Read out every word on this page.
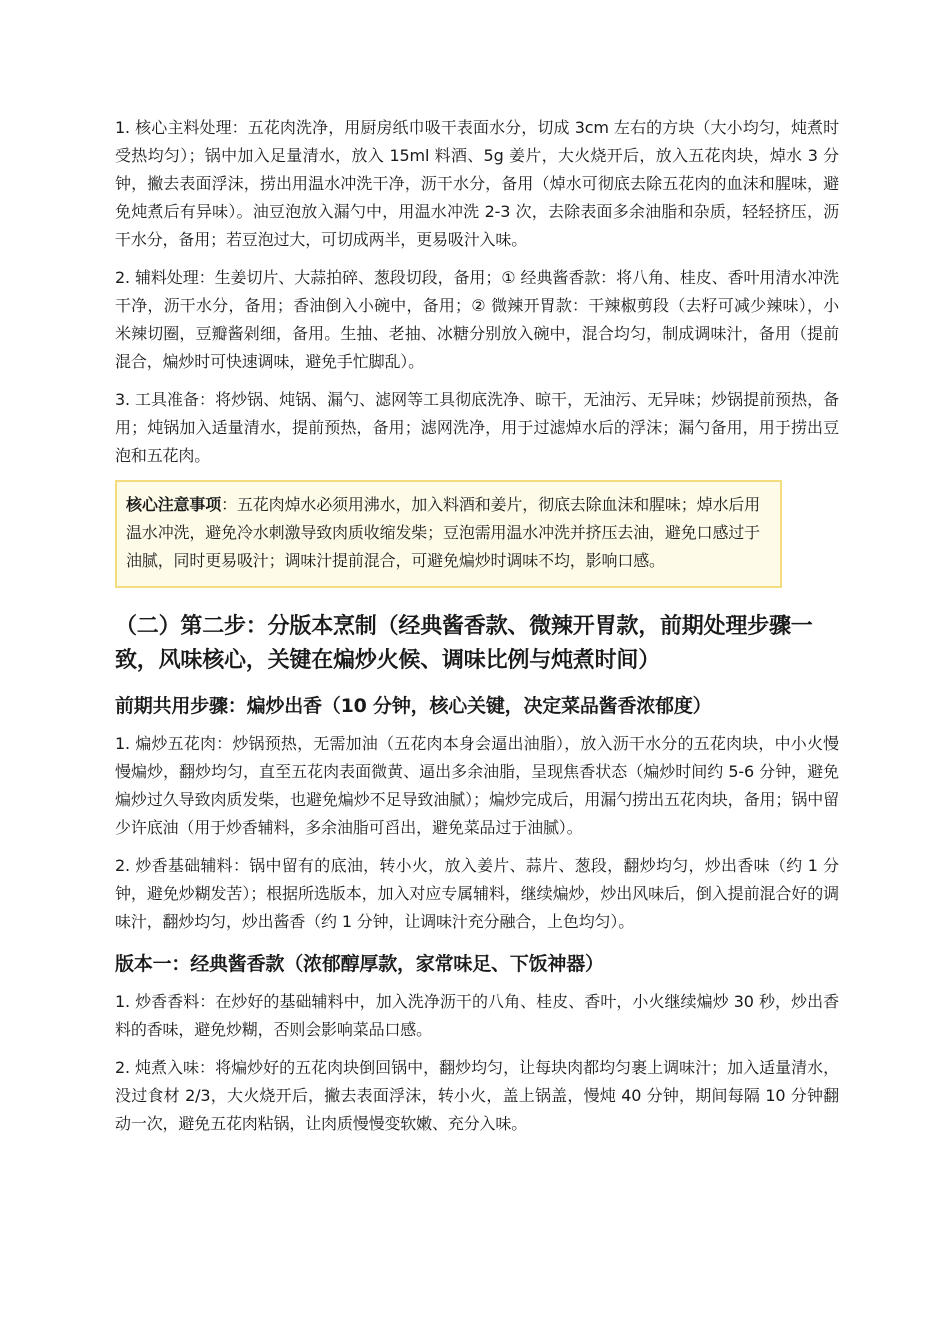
1. 核心主料处理：五花肉洗净，用厨房纸巾吸干表面水分，切成 3cm 左右的方块（大小均匀，炖煮时受热均匀）；锅中加入足量清水，放入 15ml 料酒、5g 姜片，大火烧开后，放入五花肉块，焯水 3 分钟，撇去表面浮沫，捞出用温水冲洗干净，沥干水分，备用（焯水可彻底去除五花肉的血沫和腥味，避免炖煮后有异味）。油豆泡放入漏勺中，用温水冲洗 2-3 次，去除表面多余油脂和杂质，轻轻挤压，沥干水分，备用；若豆泡过大，可切成两半，更易吸汁入味。

2. 辅料处理：生姜切片、大蒜拍碎、葱段切段，备用；① 经典酱香款：将八角、桂皮、香叶用清水冲洗干净，沥干水分，备用；香油倒入小碗中，备用；② 微辣开胃款：干辣椒剪段（去籽可减少辣味），小米辣切圈，豆瓣酱剁细，备用。生抽、老抽、冰糖分别放入碗中，混合均匀，制成调味汁，备用（提前混合，煸炒时可快速调味，避免手忙脚乱）。

3. 工具准备：将炒锅、炖锅、漏勺、滤网等工具彻底洗净、晾干，无油污、无异味；炒锅提前预热，备用；炖锅加入适量清水，提前预热，备用；滤网洗净，用于过滤焯水后的浮沫；漏勺备用，用于捞出豆泡和五花肉。

核心注意事项：五花肉焯水必须用沸水，加入料酒和姜片，彻底去除血沫和腥味；焯水后用温水冲洗，避免冷水刺激导致肉质收缩发柴；豆泡需用温水冲洗并挤压去油，避免口感过于油腻，同时更易吸汁；调味汁提前混合，可避免煸炒时调味不均，影响口感。
（二）第二步：分版本烹制（经典酱香款、微辣开胃款，前期处理步骤一致，风味核心，关键在煸炒火候、调味比例与炖煮时间）
前期共用步骤：煸炒出香（10 分钟，核心关键，决定菜品酱香浓郁度）

1. 煸炒五花肉：炒锅预热，无需加油（五花肉本身会逼出油脂），放入沥干水分的五花肉块，中小火慢慢煸炒，翻炒均匀，直至五花肉表面微黄、逼出多余油脂，呈现焦香状态（煸炒时间约 5-6 分钟，避免煸炒过久导致肉质发柴，也避免煸炒不足导致油腻）；煸炒完成后，用漏勺捞出五花肉块，备用；锅中留少许底油（用于炒香辅料，多余油脂可舀出，避免菜品过于油腻）。

2. 炒香基础辅料：锅中留有的底油，转小火，放入姜片、蒜片、葱段，翻炒均匀，炒出香味（约 1 分钟，避免炒糊发苦）；根据所选版本，加入对应专属辅料，继续煸炒，炒出风味后，倒入提前混合好的调味汁，翻炒均匀，炒出酱香（约 1 分钟，让调味汁充分融合，上色均匀）。

版本一：经典酱香款（浓郁醇厚款，家常味足、下饭神器）

1. 炒香香料：在炒好的基础辅料中，加入洗净沥干的八角、桂皮、香叶，小火继续煸炒 30 秒，炒出香料的香味，避免炒糊，否则会影响菜品口感。

2. 炖煮入味：将煸炒好的五花肉块倒回锅中，翻炒均匀，让每块肉都均匀裹上调味汁；加入适量清水，没过食材 2/3，大火烧开后，撇去表面浮沫，转小火，盖上锅盖，慢炖 40 分钟，期间每隔 10 分钟翻动一次，避免五花肉粘锅，让肉质慢慢变软嫩、充分入味。
